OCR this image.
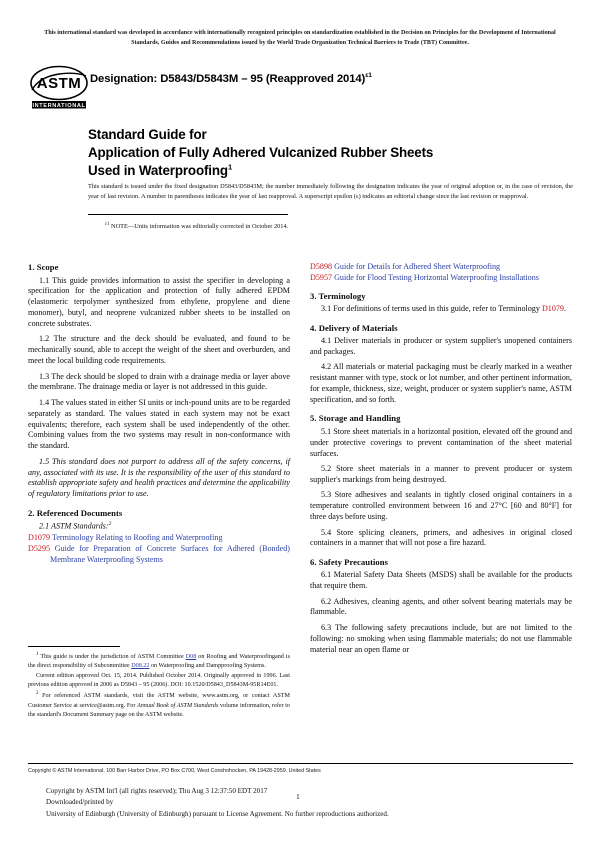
This international standard was developed in accordance with internationally recognized principles on standardization established in the Decision on Principles for the Development of International Standards, Guides and Recommendations issued by the World Trade Organization Technical Barriers to Trade (TBT) Committee.
ASTM
INTERNATIONAL
Designation: D5843/D5843M – 95 (Reapproved 2014)$^{\varepsilon 1}$
Standard Guide for
Application of Fully Adhered Vulcanized Rubber Sheets
Used in Waterproofing$^1$
This standard is issued under the fixed designation D5843/D5843M; the number immediately following the designation indicates the year of original adoption or, in the case of revision, the year of last revision. A number in parentheses indicates the year of last reapproval. A superscript epsilon (ε) indicates an editorial change since the last revision or reapproval.
$^{\varepsilon 1}$ NOTE—Units information was editorially corrected in October 2014.
1. Scope

1.1 This guide provides information to assist the specifier in developing a specification for the application and protection of fully adhered EPDM (elastomeric terpolymer synthesized from ethylene, propylene and diene monomer), butyl, and neoprene vulcanized rubber sheets to be installed on concrete substrates.

1.2 The structure and the deck should be evaluated, and found to be mechanically sound, able to accept the weight of the sheet and overburden, and meet the local building code requirements.

1.3 The deck should be sloped to drain with a drainage media or layer above the membrane. The drainage media or layer is not addressed in this guide.

1.4 The values stated in either SI units or inch-pound units are to be regarded separately as standard. The values stated in each system may not be exact equivalents; therefore, each system shall be used independently of the other. Combining values from the two systems may result in non-conformance with the standard.

1.5 This standard does not purport to address all of the safety concerns, if any, associated with its use. It is the responsibility of the user of this standard to establish appropriate safety and health practices and determine the applicability of regulatory limitations prior to use.

2. Referenced Documents

2.1 ASTM Standards:$^2$

D1079 Terminology Relating to Roofing and Waterproofing

D5295 Guide for Preparation of Concrete Surfaces for Adhered (Bonded) Membrane Waterproofing Systems

D5898 Guide for Details for Adhered Sheet Waterproofing

D5957 Guide for Flood Testing Horizontal Waterproofing Installations

3. Terminology

3.1 For definitions of terms used in this guide, refer to Terminology D1079.

4. Delivery of Materials

4.1 Deliver materials in producer or system supplier's unopened containers and packages.

4.2 All materials or material packaging must be clearly marked in a weather resistant manner with type, stock or lot number, and other pertinent information, for example, thickness, size, weight, producer or system supplier's name, ASTM specification, and so forth.

5. Storage and Handling

5.1 Store sheet materials in a horizontal position, elevated off the ground and under protective coverings to prevent contamination of the sheet material surfaces.

5.2 Store sheet materials in a manner to prevent producer or system supplier's markings from being destroyed.

5.3 Store adhesives and sealants in tightly closed original containers in a temperature controlled environment between 16 and 27°C [60 and 80°F] for three days before using.

5.4 Store splicing cleaners, primers, and adhesives in original closed containers in a manner that will not pose a fire hazard.

6. Safety Precautions

6.1 Material Safety Data Sheets (MSDS) shall be available for the products that require them.

6.2 Adhesives, cleaning agents, and other solvent bearing materials may be flammable.

6.3 The following safety precautions include, but are not limited to the following: no smoking when using flammable materials; do not use flammable material near an open flame or

$^1$ This guide is under the jurisdiction of ASTM Committee D08 on Roofing and Waterproofingand is the direct responsibility of Subcommittee D08.22 on Waterproofing and Dampproofing Systems.

Current edition approved Oct. 15, 2014. Published October 2014. Originally approved in 1996. Last previous edition approved in 2006 as D5843 – 95 (2006). DOI: 10.1520/D5843_D5843M-95R14E01.

$^2$ For referenced ASTM standards, visit the ASTM website, www.astm.org, or contact ASTM Customer Service at service@astm.org. For Annual Book of ASTM Standards volume information, refer to the standard's Document Summary page on the ASTM website.

Copyright © ASTM International, 100 Barr Harbor Drive, PO Box C700, West Conshohocken, PA 19428-2959. United States
Copyright by ASTM Int'l (all rights reserved); Thu Aug 3 12:37:50 EDT 2017
Downloaded/printed by
University of Edinburgh (University of Edinburgh) pursuant to License Agreement. No further reproductions authorized.
1
